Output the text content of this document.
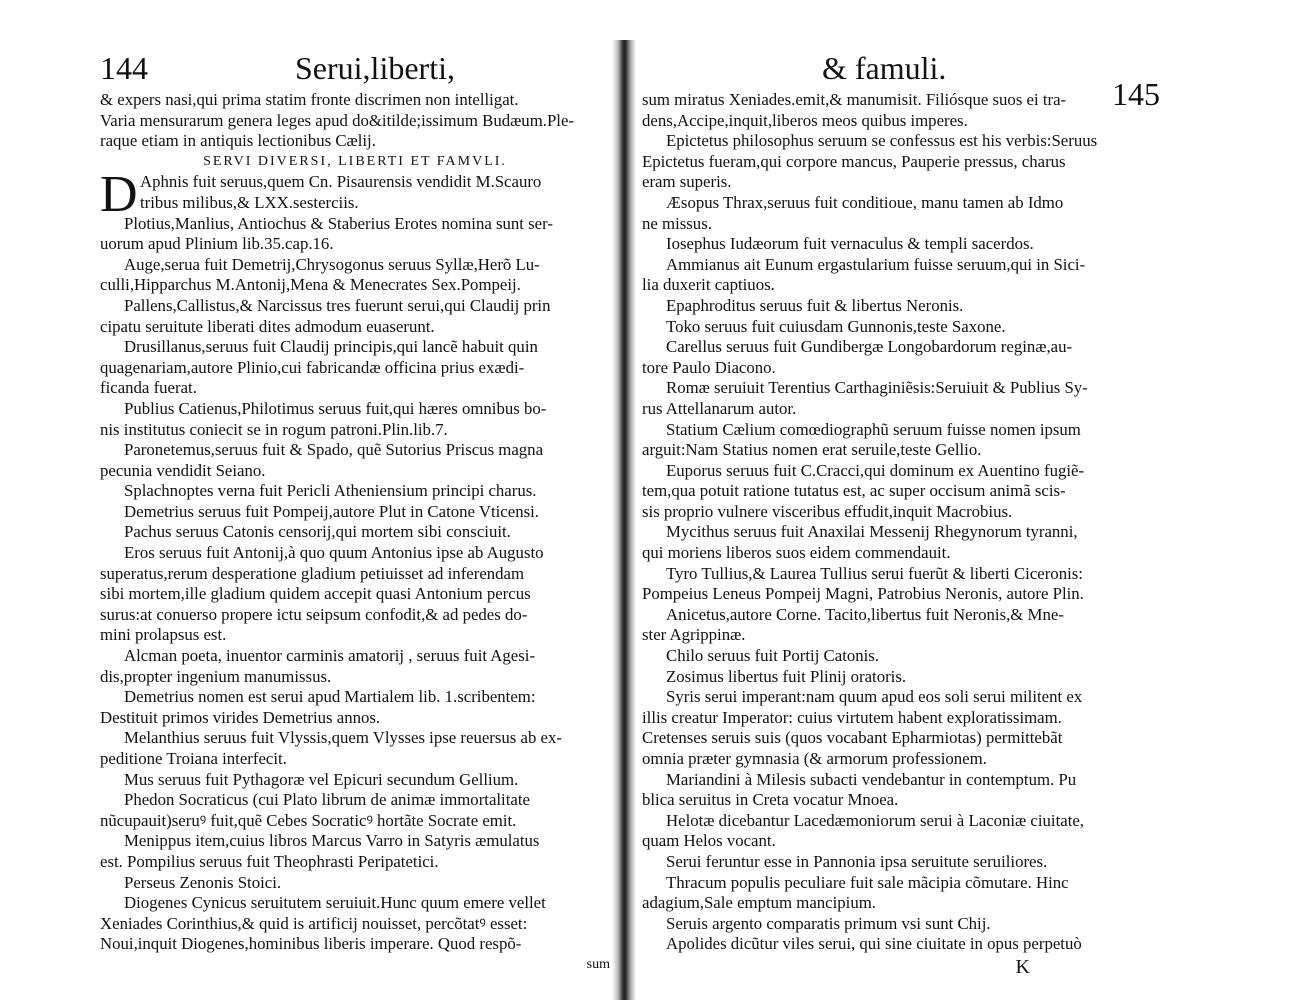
144	Serui,liberti,
& expers nasi,qui prima statim fronte discrimen non intelligat.
Varia mensurarum genera leges apud do&itilde;issimum Budæum.Ple-
raque etiam in antiquis lectionibus Cælij.
SERVI DIVERSI, LIBERTI ET FAMVLI.
D Aphnis fuit seruus,quem Cn. Pisaurensis vendidit M.Scauro
tribus milibus,& LXX.sesterciis.
Plotius,Manlius, Antiochus & Staberius Erotes nomina sunt ser-
uorum apud Plinium lib.35.cap.16.
Auge,serua fuit Demetrij,Chrysogonus seruus Syllæ,Herõ Lu-
culli,Hipparchus M.Antonij,Mena & Menecrates Sex.Pompeij.
Pallens,Callistus,& Narcissus tres fuerunt serui,qui Claudij prin
cipatu seruitute liberati dites admodum euaserunt.
Drusillanus,seruus fuit Claudij principis,qui lancẽ habuit quin
quagenariam,autore Plinio,cui fabricandæ officina prius exædi-
ficanda fuerat.
Publius Catienus,Philotimus seruus fuit,qui hæres omnibus bo-
nis institutus coniecit se in rogum patroni.Plin.lib.7.
Paronetemus,seruus fuit & Spado, quẽ Sutorius Priscus magna
pecunia vendidit Seiano.
Splachnoptes verna fuit Pericli Atheniensium principi charus.
Demetrius seruus fuit Pompeij,autore Plut in Catone Vticensi.
Pachus seruus Catonis censorij,qui mortem sibi consciuit.
Eros seruus fuit Antonij,à quo quum Antonius ipse ab Augusto
superatus,rerum desperatione gladium petiuisset ad inferendam
sibi mortem,ille gladium quidem accepit quasi Antonium percus
surus:at conuerso propere ictu seipsum confodit,& ad pedes do-
mini prolapsus est.
Alcman poeta, inuentor carminis amatorij , seruus fuit Agesi-
dis,propter ingenium manumissus.
Demetrius nomen est serui apud Martialem lib. 1.scribentem:
Destituit primos virides Demetrius annos.
Melanthius seruus fuit Vlyssis,quem Vlysses ipse reuersus ab ex-
peditione Troiana interfecit.
Mus seruus fuit Pythagoræ vel Epicuri secundum Gellium.
Phedon Socraticus (cui Plato librum de animæ immortalitate
nũcupauit)seruꝰ fuit,quẽ Cebes Socraticꝰ hortãte Socrate emit.
Menippus item,cuius libros Marcus Varro in Satyris æmulatus
est. Pompilius seruus fuit Theophrasti Peripatetici.
Perseus Zenonis Stoici.
Diogenes Cynicus seruitutem seruiuit.Hunc quum emere vellet
Xeniades Corinthius,& quid is artificij nouisset, percõtatꝰ esset:
Noui,inquit Diogenes,hominibus liberis imperare. Quod respõ-
sum
& famuli.
145
sum miratus Xeniades.emit,& manumisit. Filiósque suos ei tra-
dens,Accipe,inquit,liberos meos quibus imperes.
Epictetus philosophus seruum se confessus est his verbis:Seruus
Epictetus fueram,qui corpore mancus, Pauperie pressus, charus
eram superis.
Æsopus Thrax,seruus fuit conditioue, manu tamen ab Idmo
ne missus.
Iosephus Iudæorum fuit vernaculus & templi sacerdos.
Ammianus ait Eunum ergastularium fuisse seruum,qui in Sici-
lia duxerit captiuos.
Epaphroditus seruus fuit & libertus Neronis.
Toko seruus fuit cuiusdam Gunnonis,teste Saxone.
Carellus seruus fuit Gundibergæ Longobardorum reginæ,au-
tore Paulo Diacono.
Romæ seruiuit Terentius Carthaginiẽsis:Seruiuit & Publius Sy-
rus Attellanarum autor.
Statium Cælium comœdiographũ seruum fuisse nomen ipsum
arguit:Nam Statius nomen erat seruile,teste Gellio.
Euporus seruus fuit C.Cracci,qui dominum ex Auentino fugiẽ-
tem,qua potuit ratione tutatus est, ac super occisum animã scis-
sis proprio vulnere visceribus effudit,inquit Macrobius.
Mycithus seruus fuit Anaxilai Messenij Rhegynorum tyranni,
qui moriens liberos suos eidem commendauit.
Tyro Tullius,& Laurea Tullius serui fuerũt & liberti Ciceronis:
Pompeius Leneus Pompeij Magni, Patrobius Neronis, autore Plin.
Anicetus,autore Corne. Tacito,libertus fuit Neronis,& Mne-
ster Agrippinæ.
Chilo seruus fuit Portij Catonis.
Zosimus libertus fuit Plinij oratoris.
Syris serui imperant:nam quum apud eos soli serui militent ex
illis creatur Imperator: cuius virtutem habent exploratissimam.
Cretenses seruis suis (quos vocabant Epharmiotas) permittebãt
omnia præter gymnasia (& armorum professionem.
Mariandini à Milesis subacti vendebantur in contemptum. Pu
blica seruitus in Creta vocatur Mnoea.
Helotæ dicebantur Lacedæmoniorum serui à Laconiæ ciuitate,
quam Helos vocant.
Serui feruntur esse in Pannonia ipsa seruitute seruiliores.
Thracum populis peculiare fuit sale mãcipia cõmutare. Hinc
adagium,Sale emptum mancipium.
Seruis argento comparatis primum vsi sunt Chij.
Apolides dicũtur viles serui, qui sine ciuitate in opus perpetuò
K
